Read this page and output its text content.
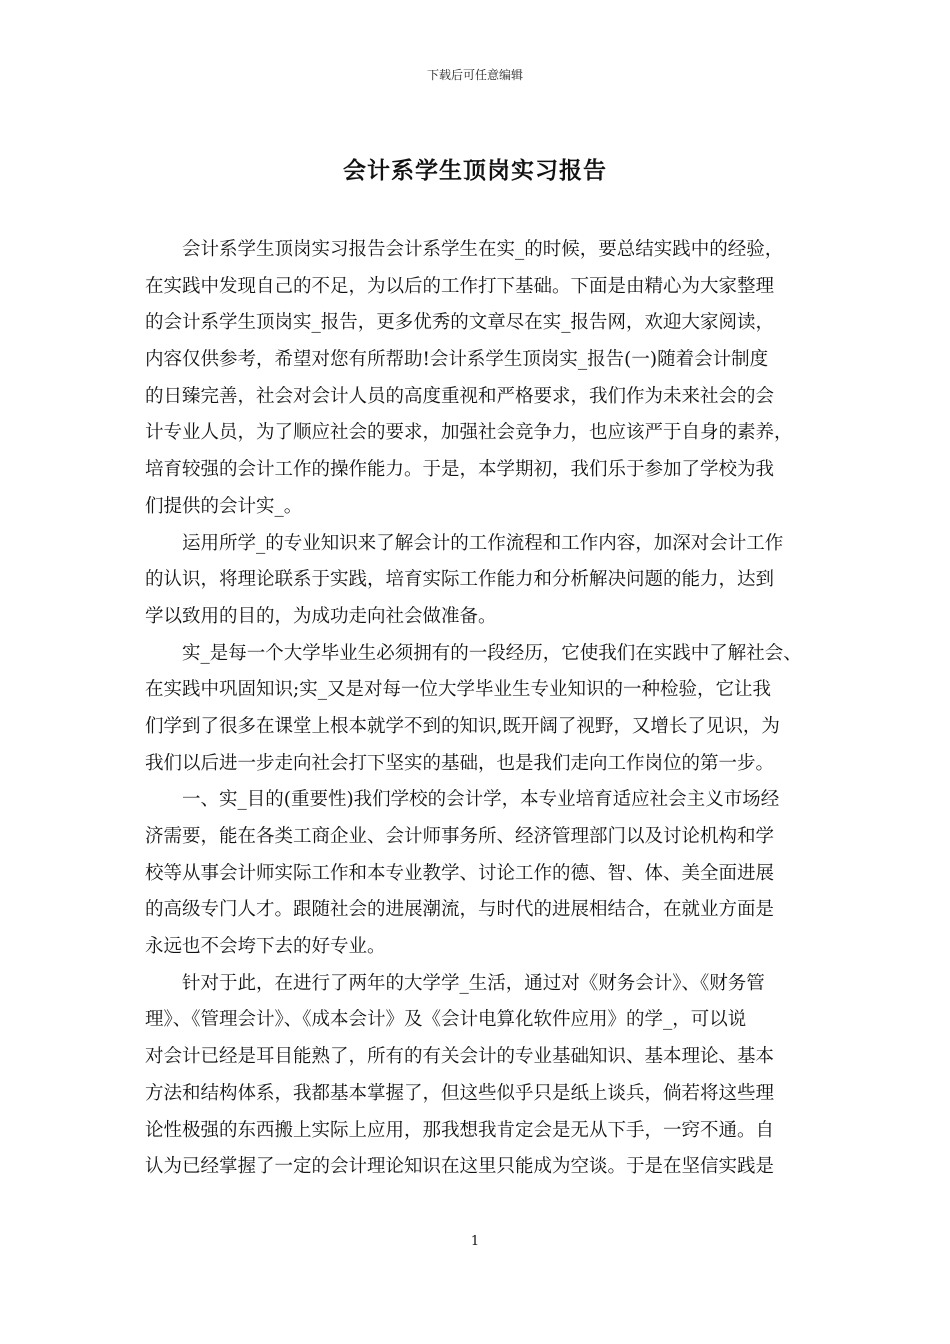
下载后可任意编辑
会计系学生顶岗实习报告
会计系学生顶岗实习报告会计系学生在实_的时候，要总结实践中的经验，
在实践中发现自己的不足，为以后的工作打下基础。下面是由精心为大家整理
的会计系学生顶岗实_报告，更多优秀的文章尽在实_报告网，欢迎大家阅读，
内容仅供参考，希望对您有所帮助!会计系学生顶岗实_报告(一)随着会计制度
的日臻完善，社会对会计人员的高度重视和严格要求，我们作为未来社会的会
计专业人员，为了顺应社会的要求，加强社会竞争力，也应该严于自身的素养，
培育较强的会计工作的操作能力。于是，本学期初，我们乐于参加了学校为我
们提供的会计实_。
运用所学_的专业知识来了解会计的工作流程和工作内容，加深对会计工作
的认识，将理论联系于实践，培育实际工作能力和分析解决问题的能力，达到
学以致用的目的，为成功走向社会做准备。
实_是每一个大学毕业生必须拥有的一段经历，它使我们在实践中了解社会、
在实践中巩固知识;实_又是对每一位大学毕业生专业知识的一种检验，它让我
们学到了很多在课堂上根本就学不到的知识,既开阔了视野，又增长了见识，为
我们以后进一步走向社会打下坚实的基础，也是我们走向工作岗位的第一步。
一、实_目的(重要性)我们学校的会计学，本专业培育适应社会主义市场经
济需要，能在各类工商企业、会计师事务所、经济管理部门以及讨论机构和学
校等从事会计师实际工作和本专业教学、讨论工作的德、智、体、美全面进展
的高级专门人才。跟随社会的进展潮流，与时代的进展相结合，在就业方面是
永远也不会垮下去的好专业。
针对于此，在进行了两年的大学学_生活，通过对《财务会计》、《财务管
理》、《管理会计》、《成本会计》及《会计电算化软件应用》的学_，可以说
对会计已经是耳目能熟了，所有的有关会计的专业基础知识、基本理论、基本
方法和结构体系，我都基本掌握了，但这些似乎只是纸上谈兵，倘若将这些理
论性极强的东西搬上实际上应用，那我想我肯定会是无从下手，一窍不通。自
认为已经掌握了一定的会计理论知识在这里只能成为空谈。于是在坚信实践是
1
